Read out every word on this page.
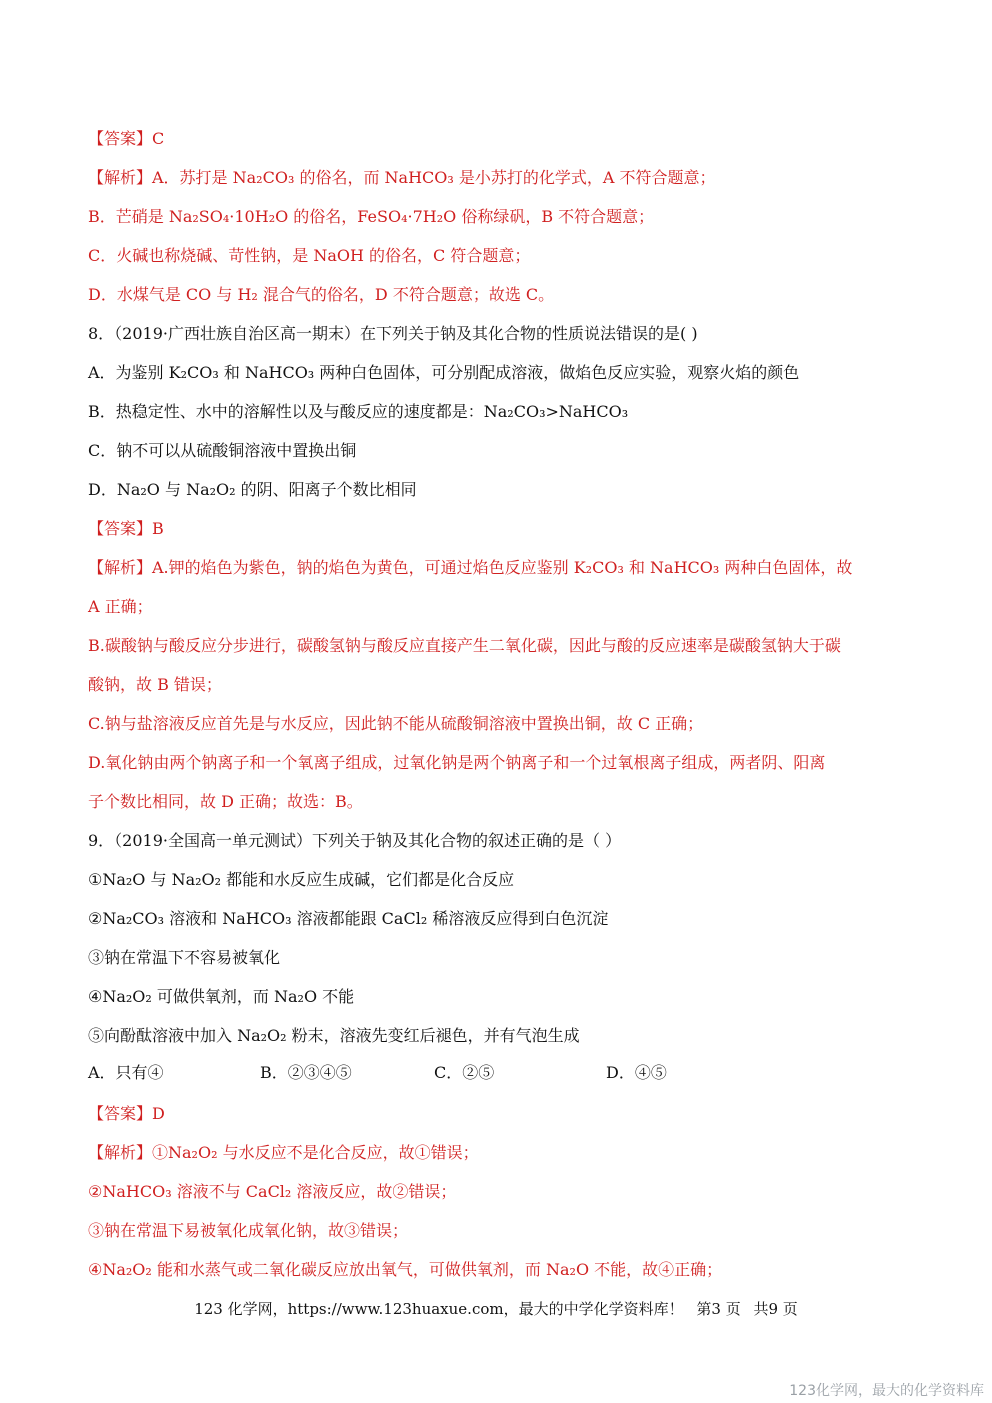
【答案】C
【解析】A．苏打是 Na₂CO₃ 的俗名，而 NaHCO₃ 是小苏打的化学式，A 不符合题意；
B．芒硝是 Na₂SO₄·10H₂O 的俗名，FeSO₄·7H₂O 俗称绿矾，B 不符合题意；
C．火碱也称烧碱、苛性钠，是 NaOH 的俗名，C 符合题意；
D．水煤气是 CO 与 H₂ 混合气的俗名，D 不符合题意；故选 C。
8．（2019·广西壮族自治区高一期末）在下列关于钠及其化合物的性质说法错误的是( )
A．为鉴别 K₂CO₃ 和 NaHCO₃ 两种白色固体，可分别配成溶液，做焰色反应实验，观察火焰的颜色
B．热稳定性、水中的溶解性以及与酸反应的速度都是：Na₂CO₃>NaHCO₃
C．钠不可以从硫酸铜溶液中置换出铜
D．Na₂O 与 Na₂O₂ 的阴、阳离子个数比相同
【答案】B
【解析】A.钾的焰色为紫色，钠的焰色为黄色，可通过焰色反应鉴别 K₂CO₃ 和 NaHCO₃ 两种白色固体，故
A 正确；
B.碳酸钠与酸反应分步进行，碳酸氢钠与酸反应直接产生二氧化碳，因此与酸的反应速率是碳酸氢钠大于碳
酸钠，故 B 错误；
C.钠与盐溶液反应首先是与水反应，因此钠不能从硫酸铜溶液中置换出铜，故 C 正确；
D.氧化钠由两个钠离子和一个氧离子组成，过氧化钠是两个钠离子和一个过氧根离子组成，两者阴、阳离
子个数比相同，故 D 正确；故选：B。
9．（2019·全国高一单元测试）下列关于钠及其化合物的叙述正确的是（ ）
①Na₂O 与 Na₂O₂ 都能和水反应生成碱，它们都是化合反应
②Na₂CO₃ 溶液和 NaHCO₃ 溶液都能跟 CaCl₂ 稀溶液反应得到白色沉淀
③钠在常温下不容易被氧化
④Na₂O₂ 可做供氧剂，而 Na₂O 不能
⑤向酚酞溶液中加入 Na₂O₂ 粉末，溶液先变红后褪色，并有气泡生成
【答案】D
【解析】①Na₂O₂ 与水反应不是化合反应，故①错误；
②NaHCO₃ 溶液不与 CaCl₂ 溶液反应，故②错误；
③钠在常温下易被氧化成氧化钠，故③错误；
④Na₂O₂ 能和水蒸气或二氧化碳反应放出氧气，可做供氧剂，而 Na₂O 不能，故④正确；
A．只有④	B．②③④⑤	C．②⑤	D．④⑤
123 化学网，https://www.123huaxue.com，最大的中学化学资料库！ 第3 页 共9 页
123化学网，最大的化学资料库
